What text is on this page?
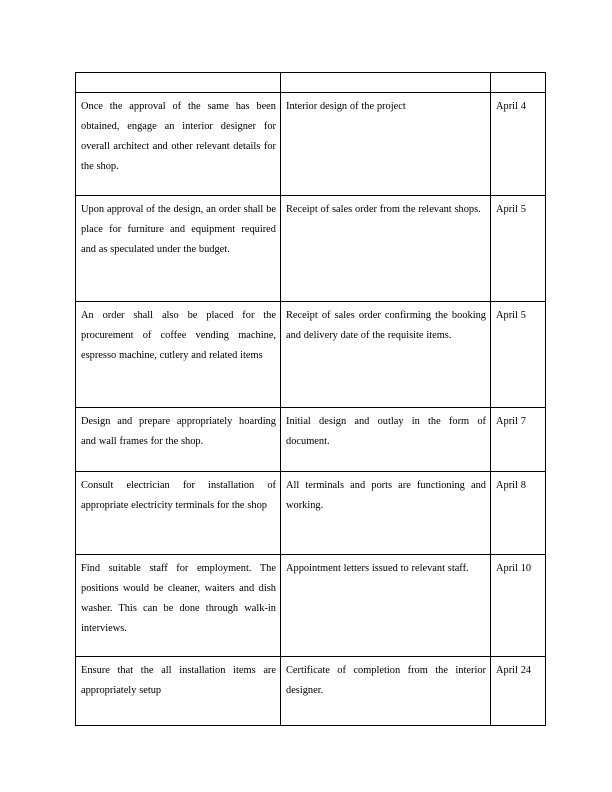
Once the approval of the same has been obtained, engage an interior designer for overall architect and other relevant details for the shop.	Interior design of the project	April 4

Upon approval of the design, an order shall be place for furniture and equipment required and as speculated under the budget.	Receipt of sales order from the relevant shops.	April 5

An order shall also be placed for the procurement of coffee vending machine, espresso machine, cutlery and related items	Receipt of sales order confirming the booking and delivery date of the requisite items.	April 5

Design and prepare appropriately hoarding and wall frames for the shop.	Initial design and outlay in the form of document.	April 7

Consult electrician for installation of appropriate electricity terminals for the shop	All terminals and ports are functioning and working.	April 8

Find suitable staff for employment. The positions would be cleaner, waiters and dish washer. This can be done through walk-in interviews.	Appointment letters issued to relevant staff.	April 10

Ensure that the all installation items are appropriately setup	Certificate of completion from the interior designer.	April 24
